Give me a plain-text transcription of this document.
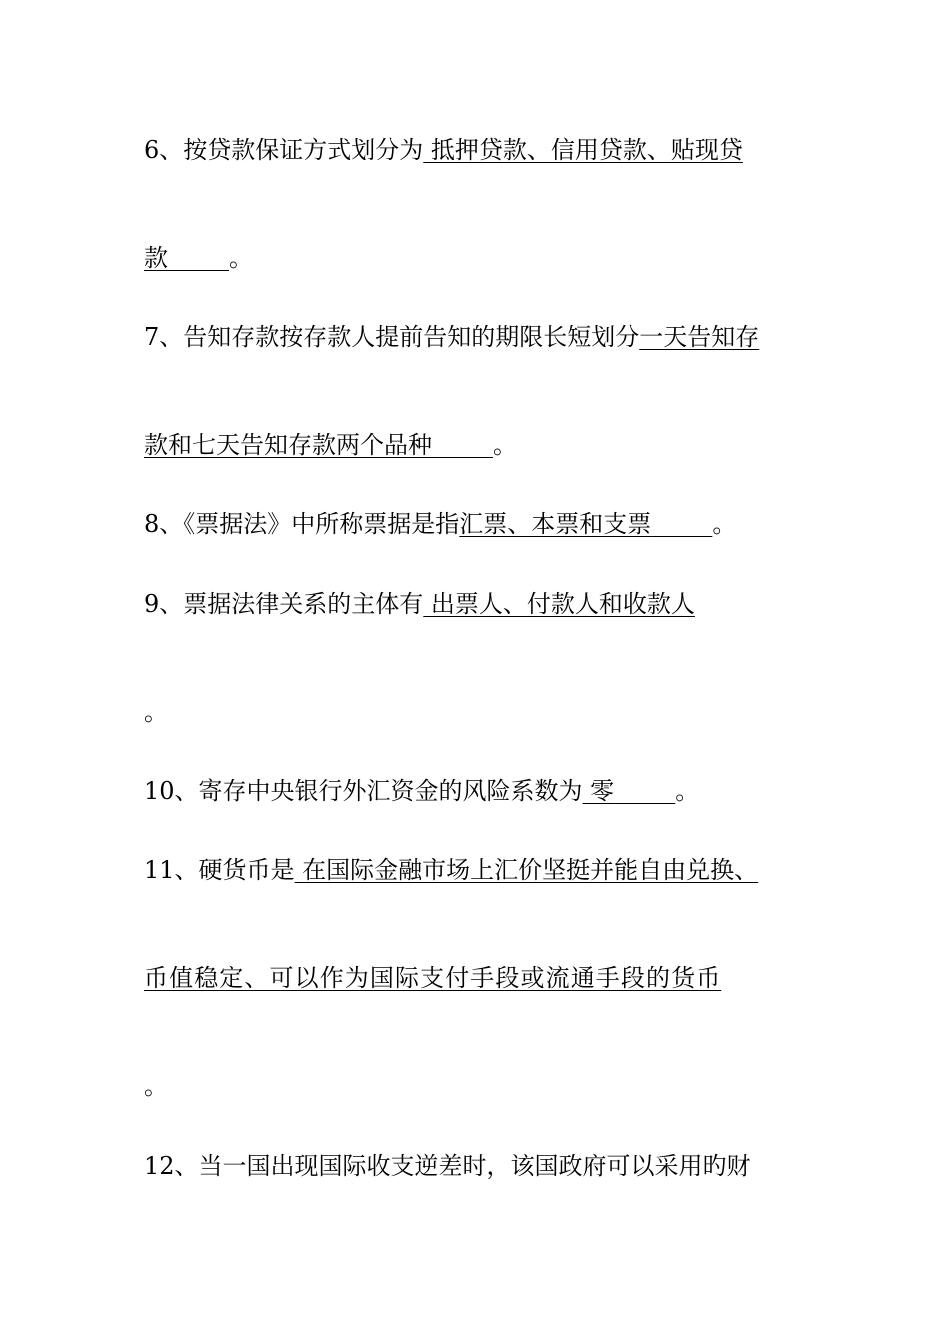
6、按贷款保证方式划分为 抵押贷款、信用贷款、贴现贷
款	。
7、告知存款按存款人提前告知的期限长短划分一天告知存
款和七天告知存款两个品种	。
8、《票据法》中所称票据是指汇票、本票和支票	。
9、票据法律关系的主体有 出票人、付款人和收款人
。
10、寄存中央银行外汇资金的风险系数为 零	。
11、硬货币是 在国际金融市场上汇价坚挺并能自由兑换、
币值稳定、可以作为国际支付手段或流通手段的货币
。
12、当一国出现国际收支逆差时，该国政府可以采用旳财
